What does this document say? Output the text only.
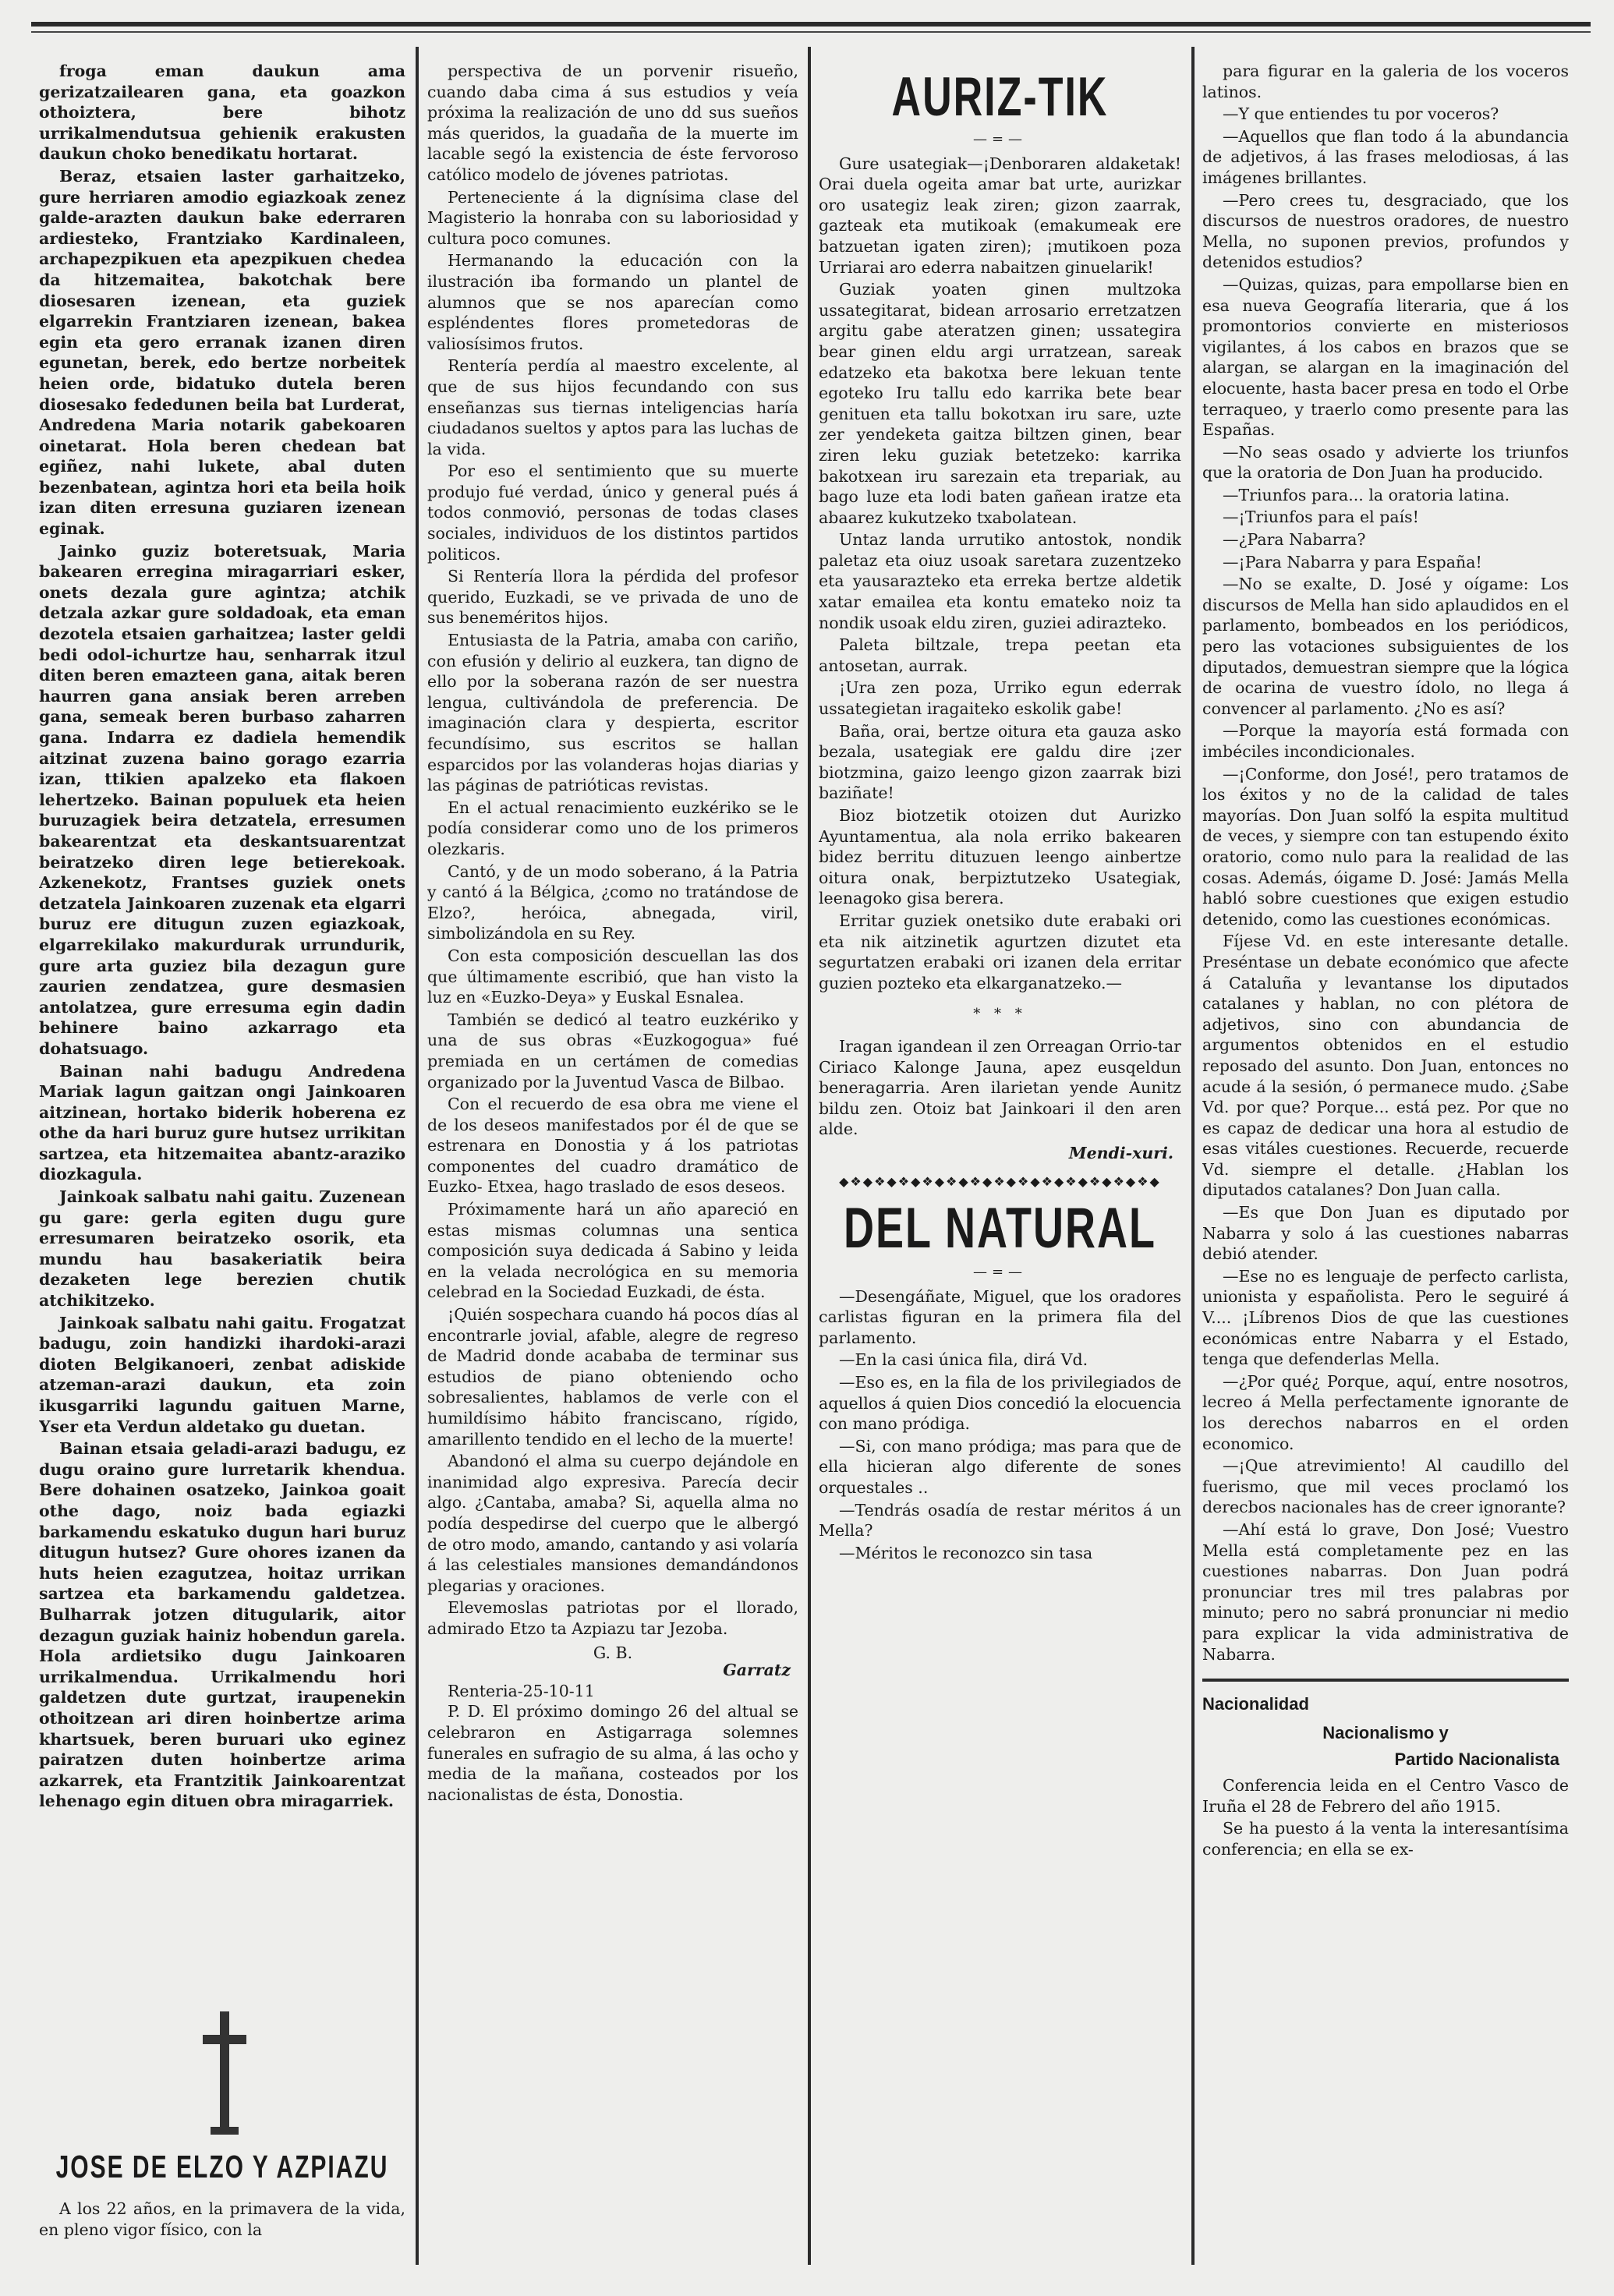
froga eman daukun ama gerizatzailearen gana, eta goazkon othoiztera, bere bihotz urrikalmendutsua gehienik erakusten daukun choko benedikatu hortarat.

Beraz, etsaien laster garhaitzeko, gure herriaren amodio egiazkoak zenez galde-arazten daukun bake ederraren ardiesteko, Frantziako Kardinaleen, archapezpikuen eta apezpikuen chedea da hitzemaitea, bakotchak bere diosesaren izenean, eta guziek elgarrekin Frantziaren izenean, bakea egin eta gero erranak izanen diren egunetan, berek, edo bertze norbeitek heien orde, bidatuko dutela beren diosesako fededunen beila bat Lurderat, Andredena Maria notarik gabekoaren oinetarat. Hola beren chedean bat egiñez, nahi lukete, abal duten bezenbatean, agintza hori eta beila hoik izan diten erresuna guziaren izenean eginak.

Jainko guziz boteretsuak, Maria bakearen erregina miragarriari esker, onets dezala gure agintza; atchik detzala azkar gure soldadoak, eta eman dezotela etsaien garhaitzea; laster geldi bedi odol-ichurtze hau, senharrak itzul diten beren emazteen gana, aitak beren haurren gana ansiak beren arreben gana, semeak beren burbaso zaharren gana. Indarra ez dadiela hemendik aitzinat zuzena baino gorago ezarria izan, ttikien apalzeko eta flakoen lehertzeko. Bainan populuek eta heien buruzagiek beira detzatela, erresumen bakearentzat eta deskantsuarentzat beiratzeko diren lege betierekoak. Azkenekotz, Frantses guziek onets detzatela Jainkoaren zuzenak eta elgarri buruz ere ditugun zuzen egiazkoak, elgarrekilako makurdurak urrundurik, gure arta guziez bila dezagun gure zaurien zendatzea, gure desmasien antolatzea, gure erresuma egin dadin behinere baino azkarrago eta dohatsuago.

Bainan nahi badugu Andredena Mariak lagun gaitzan ongi Jainkoaren aitzinean, hortako biderik hoberena ez othe da hari buruz gure hutsez urrikitan sartzea, eta hitzemaitea abantz-araziko diozkagula.

Jainkoak salbatu nahi gaitu. Zuzenean gu gare: gerla egiten dugu gure erresumaren beiratzeko osorik, eta mundu hau basakeriatik beira dezaketen lege berezien chutik atchikitzeko.

Jainkoak salbatu nahi gaitu. Frogatzat badugu, zoin handizki ihardoki-arazi dioten Belgikanoeri, zenbat adiskide atzeman-arazi daukun, eta zoin ikusgarriki lagundu gaituen Marne, Yser eta Verdun aldetako gu duetan.

Bainan etsaia geladi-arazi badugu, ez dugu oraino gure lurretarik khendua. Bere dohainen osatzeko, Jainkoa goait othe dago, noiz bada egiazki barkamendu eskatuko dugun hari buruz ditugun hutsez? Gure ohores izanen da huts heien ezagutzea, hoitaz urrikan sartzea eta barkamendu galdetzea. Bulharrak jotzen ditugularik, aitor dezagun guziak hainiz hobendun garela. Hola ardietsiko dugu Jainkoaren urrikalmendua. Urrikalmendu hori galdetzen dute gurtzat, iraupenekin othoitzean ari diren hoinbertze arima khartsuek, beren buruari uko eginez pairatzen duten hoinbertze arima azkarrek, eta Frantzitik Jainkoarentzat lehenago egin dituen obra miragarriek.

JOSE DE ELZO Y AZPIAZU
A los 22 años, en la primavera de la vida, en pleno vigor físico, con la

perspectiva de un porvenir risueño, cuando daba cima á sus estudios y veía próxima la realización de uno dd sus sueños más queridos, la guadaña de la muerte im lacable segó la existencia de éste fervoroso católico modelo de jóvenes patriotas.

Perteneciente á la dignísima clase del Magisterio la honraba con su laboriosidad y cultura poco comunes.

Hermanando la educación con la ilustración iba formando un plantel de alumnos que se nos aparecían como espléndentes flores prometedoras de valiosísimos frutos.

Rentería perdía al maestro excelente, al que de sus hijos fecundando con sus enseñanzas sus tiernas inteligencias haría ciudadanos sueltos y aptos para las luchas de la vida.

Por eso el sentimiento que su muerte produjo fué verdad, único y general pués á todos conmovió, personas de todas clases sociales, individuos de los distintos partidos politicos.

Si Rentería llora la pérdida del profesor querido, Euzkadi, se ve privada de uno de sus beneméritos hijos.

Entusiasta de la Patria, amaba con cariño, con efusión y delirio al euzkera, tan digno de ello por la soberana razón de ser nuestra lengua, cultivándola de preferencia. De imaginación clara y despierta, escritor fecundísimo, sus escritos se hallan esparcidos por las volanderas hojas diarias y las páginas de patrióticas revistas.

En el actual renacimiento euzkériko se le podía considerar como uno de los primeros olezkaris.

Cantó, y de un modo soberano, á la Patria y cantó á la Bélgica, ¿como no tratándose de Elzo?, heróica, abnegada, viril, simbolizándola en su Rey.

Con esta composición descuellan las dos que últimamente escribió, que han visto la luz en «Euzko-Deya» y Euskal Esnalea.

También se dedicó al teatro euzkériko y una de sus obras «Euzkogogua» fué premiada en un certámen de comedias organizado por la Juventud Vasca de Bilbao.

Con el recuerdo de esa obra me viene el de los deseos manifestados por él de que se estrenara en Donostia y á los patriotas componentes del cuadro dramático de Euzko- Etxea, hago traslado de esos deseos.

Próximamente hará un año apareció en estas mismas columnas una sentica composición suya dedicada á Sabino y leida en la velada necrológica en su memoria celebrad en la Sociedad Euzkadi, de ésta.

¡Quién sospechara cuando há pocos días al encontrarle jovial, afable, alegre de regreso de Madrid donde acababa de terminar sus estudios de piano obteniendo ocho sobresalientes, hablamos de verle con el humildísimo hábito franciscano, rígido, amarillento tendido en el lecho de la muerte!

Abandonó el alma su cuerpo dejándole en inanimidad algo expresiva. Parecía decir algo. ¿Cantaba, amaba? Si, aquella alma no podía despedirse del cuerpo que le albergó de otro modo, amando, cantando y asi volaría á las celestiales mansiones demandándonos plegarias y oraciones.

Elevemoslas patriotas por el llorado, admirado Etzo ta Azpiazu tar Jezoba.

G. B.
Garratz
Renteria-25-10-11
P. D. El próximo domingo 26 del altual se celebraron en Astigarraga solemnes funerales en sufragio de su alma, á las ocho y media de la mañana, costeados por los nacionalistas de ésta, Donostia.
AURIZ-TIK
—=—

Gure usategiak—¡Denboraren aldaketak! Orai duela ogeita amar bat urte, aurizkar oro usategiz leak ziren; gizon zaarrak, gazteak eta mutikoak (emakumeak ere batzuetan igaten ziren); ¡mutikoen poza Urriarai aro ederra nabaitzen ginuelarik!

Guziak yoaten ginen multzoka ussategitarat, bidean arrosario erretzatzen argitu gabe ateratzen ginen; ussategira bear ginen eldu argi urratzean, sareak edatzeko eta bakotxa bere lekuan tente egoteko Iru tallu edo karrika bete bear genituen eta tallu bokotxan iru sare, uzte zer yendeketa gaitza biltzen ginen, bear ziren leku guziak betetzeko: karrika bakotxean iru sarezain eta trepariak, au bago luze eta lodi baten gañean iratze eta abaarez kukutzeko txabolatean.

Untaz landa urrutiko antostok, nondik paletaz eta oiuz usoak saretara zuzentzeko eta yausarazteko eta erreka bertze aldetik xatar emailea eta kontu emateko noiz ta nondik usoak eldu ziren, guziei adirazteko.

Paleta biltzale, trepa peetan eta antosetan, aurrak.

¡Ura zen poza, Urriko egun ederrak ussategietan iragaiteko eskolik gabe!

Baña, orai, bertze oitura eta gauza asko bezala, usategiak ere galdu dire ¡zer biotzmina, gaizo leengo gizon zaarrak bizi baziñate!

Bioz biotzetik otoizen dut Aurizko Ayuntamentua, ala nola erriko bakearen bidez berritu dituzuen leengo ainbertze oitura onak, berpiztutzeko Usategiak, leenagoko gisa berera.

Erritar guziek onetsiko dute erabaki ori eta nik aitzinetik agurtzen dizutet eta segurtatzen erabaki ori izanen dela erritar guzien pozteko eta elkarganatzeko.—

* * *

Iragan igandean il zen Orreagan Orrio-tar Ciriaco Kalonge Jauna, apez eusqeldun beneragarria. Aren ilarietan yende Aunitz bildu zen. Otoiz bat Jainkoari il den aren alde.

Mendi-xuri.
◆❖◆❖◆❖◆❖◆❖◆❖◆❖◆❖◆❖◆❖◆❖◆❖◆❖◆
DEL NATURAL
—=—

—Desengáñate, Miguel, que los oradores carlistas figuran en la primera fila del parlamento.

—En la casi única fila, dirá Vd.

—Eso es, en la fila de los privilegiados de aquellos á quien Dios concedió la elocuencia con mano pródiga.

—Si, con mano pródiga; mas para que de ella hicieran algo diferente de sones orquestales ..

—Tendrás osadía de restar méritos á un Mella?

—Méritos le reconozco sin tasa

para figurar en la galeria de los voceros latinos.

—Y que entiendes tu por voceros?

—Aquellos que flan todo á la abundancia de adjetivos, á las frases melodiosas, á las imágenes brillantes.

—Pero crees tu, desgraciado, que los discursos de nuestros oradores, de nuestro Mella, no suponen previos, profundos y detenidos estudios?

—Quizas, quizas, para empollarse bien en esa nueva Geografía literaria, que á los promontorios convierte en misteriosos vigilantes, á los cabos en brazos que se alargan, se alargan en la imaginación del elocuente, hasta bacer presa en todo el Orbe terraqueo, y traerlo como presente para las Españas.

—No seas osado y advierte los triunfos que la oratoria de Don Juan ha producido.

—Triunfos para... la oratoria latina.

—¡Triunfos para el país!

—¿Para Nabarra?

—¡Para Nabarra y para España!

—No se exalte, D. José y oígame: Los discursos de Mella han sido aplaudidos en el parlamento, bombeados en los periódicos, pero las votaciones subsiguientes de los diputados, demuestran siempre que la lógica de ocarina de vuestro ídolo, no llega á convencer al parlamento. ¿No es así?

—Porque la mayoría está formada con imbéciles incondicionales.

—¡Conforme, don José!, pero tratamos de los éxitos y no de la calidad de tales mayorías. Don Juan solfó la espita multitud de veces, y siempre con tan estupendo éxito oratorio, como nulo para la realidad de las cosas. Además, óigame D. José: Jamás Mella habló sobre cuestiones que exigen estudio detenido, como las cuestiones económicas.

Fíjese Vd. en este interesante detalle. Preséntase un debate económico que afecte á Cataluña y levantanse los diputados catalanes y hablan, no con plétora de adjetivos, sino con abundancia de argumentos obtenidos en el estudio reposado del asunto. Don Juan, entonces no acude á la sesión, ó permanece mudo. ¿Sabe Vd. por que? Porque... está pez. Por que no es capaz de dedicar una hora al estudio de esas vitáles cuestiones. Recuerde, recuerde Vd. siempre el detalle. ¿Hablan los diputados catalanes? Don Juan calla.

—Es que Don Juan es diputado por Nabarra y solo á las cuestiones nabarras debió atender.

—Ese no es lenguaje de perfecto carlista, unionista y españolista. Pero le seguiré á V.... ¡Líbrenos Dios de que las cuestiones económicas entre Nabarra y el Estado, tenga que defenderlas Mella.

—¿Por qué¿ Porque, aquí, entre nosotros, lecreo á Mella perfectamente ignorante de los derechos nabarros en el orden economico.

—¡Que atrevimiento! Al caudillo del fuerismo, que mil veces proclamó los derecbos nacionales has de creer ignorante?

—Ahí está lo grave, Don José; Vuestro Mella está completamente pez en las cuestiones nabarras. Don Juan podrá pronunciar tres mil tres palabras por minuto; pero no sabrá pronunciar ni medio para explicar la vida administrativa de Nabarra.

Nacionalidad
Nacionalismo y
Partido Nacionalista

Conferencia leida en el Centro Vasco de Iruña el 28 de Febrero del año 1915.

Se ha puesto á la venta la interesantísima conferencia; en ella se ex-
